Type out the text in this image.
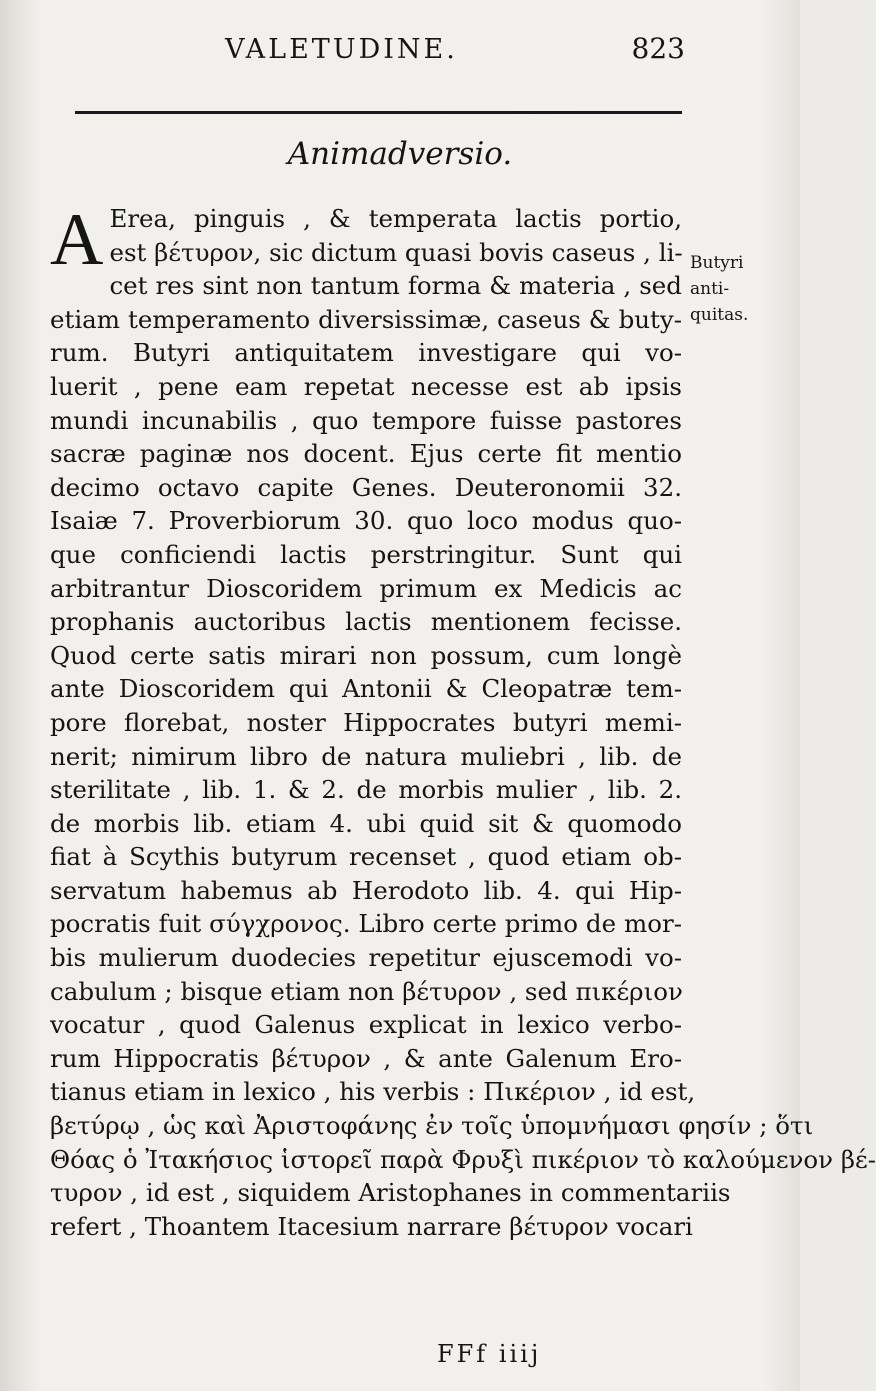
VALETUDINE.	823
Animadversio.
A Erea, pinguis , & temperata lactis portio,
est βέτυρον, sic dictum quasi bovis caseus , li-
cet res sint non tantum forma & materia , sed
etiam temperamento diversissimæ, caseus & buty-
rum. Butyri antiquitatem investigare qui vo-
luerit , pene eam repetat necesse est ab ipsis
mundi incunabilis , quo tempore fuisse pastores
sacræ paginæ nos docent. Ejus certe fit mentio
decimo octavo capite Genes. Deuteronomii 32.
Isaiæ 7. Proverbiorum 30. quo loco modus quo-
que conficiendi lactis perstringitur. Sunt qui
arbitrantur Dioscoridem primum ex Medicis ac
prophanis auctoribus lactis mentionem fecisse.
Quod certe satis mirari non possum, cum longè
ante Dioscoridem qui Antonii & Cleopatræ tem-
pore florebat, noster Hippocrates butyri memi-
nerit; nimirum libro de natura muliebri , lib. de
sterilitate , lib. 1. & 2. de morbis mulier , lib. 2.
de morbis lib. etiam 4. ubi quid sit & quomodo
fiat à Scythis butyrum recenset , quod etiam ob-
servatum habemus ab Herodoto lib. 4. qui Hip-
pocratis fuit σύγχρονος. Libro certe primo de mor-
bis mulierum duodecies repetitur ejuscemodi vo-
cabulum ; bisque etiam non βέτυρον , sed πικέριον
vocatur , quod Galenus explicat in lexico verbo-
rum Hippocratis βέτυρον , & ante Galenum Ero-
tianus etiam in lexico , his verbis : Πικέριον , id est,
βετύρῳ , ὡς καὶ Ἀριστοφάνης ἐν τοῖς ὑπομνήμασι φησίν ; ὅτι
Θόας ὁ Ἰτακήσιος ἱστορεῖ παρὰ Φρυξὶ πικέριον τὸ καλούμενον βέ-
τυρον , id est , siquidem Aristophanes in commentariis
refert , Thoantem Itacesium narrare βέτυρον vocari
Butyri
anti-
quitas.
FFf iiij
